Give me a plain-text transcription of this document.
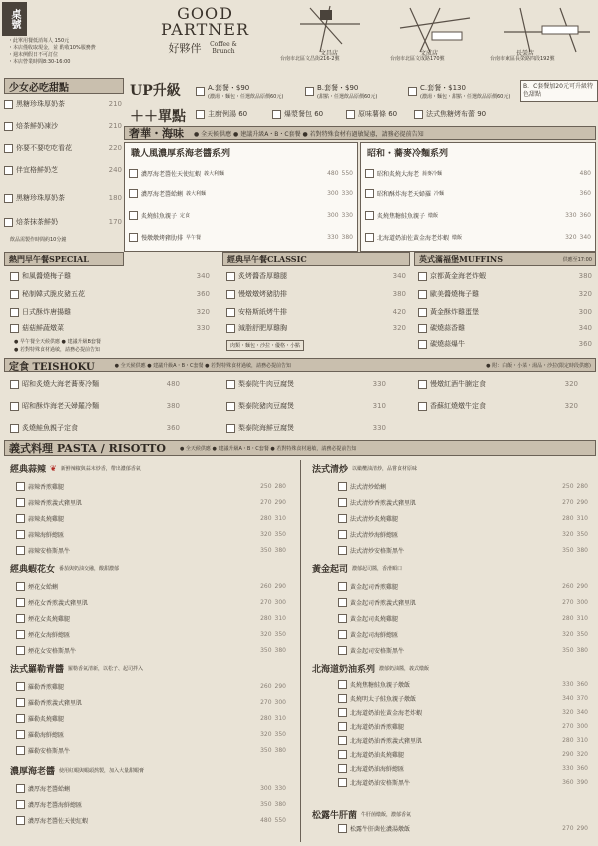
桌號
・此單用餐低消每人 150元
・本店僅收取現金，並 酌收10%服務費
・週末例假日不可訂位
・本店營業時間8:30-16:00
GOOD
PARTNER
好夥伴	Coffee & Brunch	文昌店
台南市北區文昌街216-2號
文成店
台南市北區文成路170號
長榮店
台南市東區長榮路四段192號
少女必吃甜點
黑糖珍珠厚奶茶	210
焙茶鮮奶凍沙	210
你要不要吃吃看花	220
伴宜格鮮奶芝	240
黑糖珍珠厚奶茶	180
焙茶抹茶鮮奶	170
飲品需製作時間約10分鐘
UP升級
＋＋單點
A.套餐・$90
(濃湯・麵包・任選飲品原價60元)
B.套餐・$90
(甜點・任選飲品原價60元)
C.套餐・$130
(濃湯・麵包・甜點・任選飲品原價60元)
B．C套餐加20元可升級特色甜點
主廚例湯 60	爆漿餐包 60	原味薯條 60	法式焦糖烤布蕾 90
奢華・海味 ● 全天候供應 ● 建議升級A・B・C套餐 ● 若對特殊食材有過敏疑慮，請務必提前告知
職人風濃厚系海老醬系列
濃厚海老醬佐天使紅蝦 義大利麵	480 550
濃厚海老醬蛤蜊 義大利麵	300 330
炙燒鮭魚親子 定食	300 330
慢燉燉烤豬肋排 早午餐	330 380
昭和・蕎麥冷麵系列
昭和炙燒大海老 蕎麥冷麵	480
昭和酥炸海老天婦羅 冷麵	360
炙燒焦糖鮭魚親子 燉飯	330 360
北海道奶油佐黃金海老炸蝦 燉飯	320 340
熱門早午餐SPECIAL	經典早午餐CLASSIC	英式滿福堡MUFFINS	供應至17:00
和風醬燒梅子雞	340
秘制韓式脆皮豬五花	360
日式酥炸唐揚雞	320
菇菇鮮蔬燉菜	330
● 早午餐全天候供應 ● 建議升級B套餐
● 若對特殊食材過敏，請務必提前告知
炙烤醬香厚雞腿	340
慢燉燉烤豬肋排	380
安格斯紙烤牛排	420
減脂舒肥厚雞胸	320
肉類・麵包・沙拉・優格・小點
京都黃金海老炸蝦	380
歐美醬燒梅子雞	320
黃金酥炸雞蛋堡	300
碳燒蒜香雞	340
碳燒蒜爆牛	360
定食 TEISHOKU	● 全天候供應 ● 建議升級A・B・C套餐 ● 若對特殊食材過敏，請務必提前告知	● 附：白飯・小菜・湯品・沙拉(限定時段供應)
昭和炙燒大海老蕎麥冷麵	480
昭和酥炸海老天婦羅冷麵	380
炙燒鮭魚親子定食	360
梨泰院牛肉豆腐煲	330
梨泰院豬肉豆腐煲	310
梨泰院海鮮豆腐煲	330
慢燉紅酒牛腩定食	320
香蘇紅燒燉牛定食	320
義式料理 PASTA / RISOTTO	● 全天候供應 ● 建議升級A・B・C套餐 ● 若對特殊食材過敏，請務必提前告知
經典蒜辣 ❦ 新鮮辣椒與蒜末炒香，帶出濃郁香氣
蒜辣香煎雞腿	250 280
蒜辣香煎義式豬里肌	270 290
蒜辣炙燒雞腿	280 310
蒜辣海鮮總匯	320 350
蒜辣安格斯黑牛	350 380
經典蝦花女 番茄與奶油交融，酸甜濃郁
煙花女蛤蜊	260 290
煙花女香煎義式豬里肌	270 300
煙花女炙燒雞腿	280 310
煙花女海鮮總匯	320 350
煙花女安格斯黑牛	350 380
法式羅勒青醬 羅勒香氣清新，以松子、起司拌入
羅勒香煎雞腿	260 290
羅勒香煎義式豬里肌	270 300
羅勒炙燒雞腿	280 310
羅勒海鮮總匯	320 350
羅勒安格斯黑牛	350 380
濃厚海老醬 使用紅蝦與蝦頭熬製，加入大量甜蝦膏
濃厚海老醬蛤蜊	300 330
濃厚海老醬海鮮總匯	350 380
濃厚海老醬佐天使紅蝦	480 550
法式清炒 以橄欖油清炒，品嘗食材原味
法式清炒蛤蜊	250 280
法式清炒香煎義式豬里肌	270 290
法式清炒炙燒雞腿	280 310
法式清炒海鮮總匯	320 350
法式清炒安格斯黑牛	350 380
黃金起司 濃郁起司醬，香滑順口
黃金起司香煎雞腿	260 290
黃金起司香煎義式豬里肌	270 300
黃金起司炙燒雞腿	280 310
黃金起司海鮮總匯	320 350
黃金起司安格斯黑牛	350 380
北海道奶油系列 濃郁奶油醬，義式燉飯
炙燒焦糖鮭魚親子燉飯	330 360
炙燒明太子鮭魚親子燉飯	340 370
北海道奶油佐黃金海老炸蝦	320 340
北海道奶油香煎雞腿	270 300
北海道奶油香煎義式豬里肌	280 310
北海道奶油炙燒雞腿	290 320
北海道奶油海鮮總匯	330 360
北海道奶油安格斯黑牛	360 390
松露牛肝菌 牛肝菌燉飯，濃郁香氣
松露牛肝菌佐濃湯燉飯	270 290
